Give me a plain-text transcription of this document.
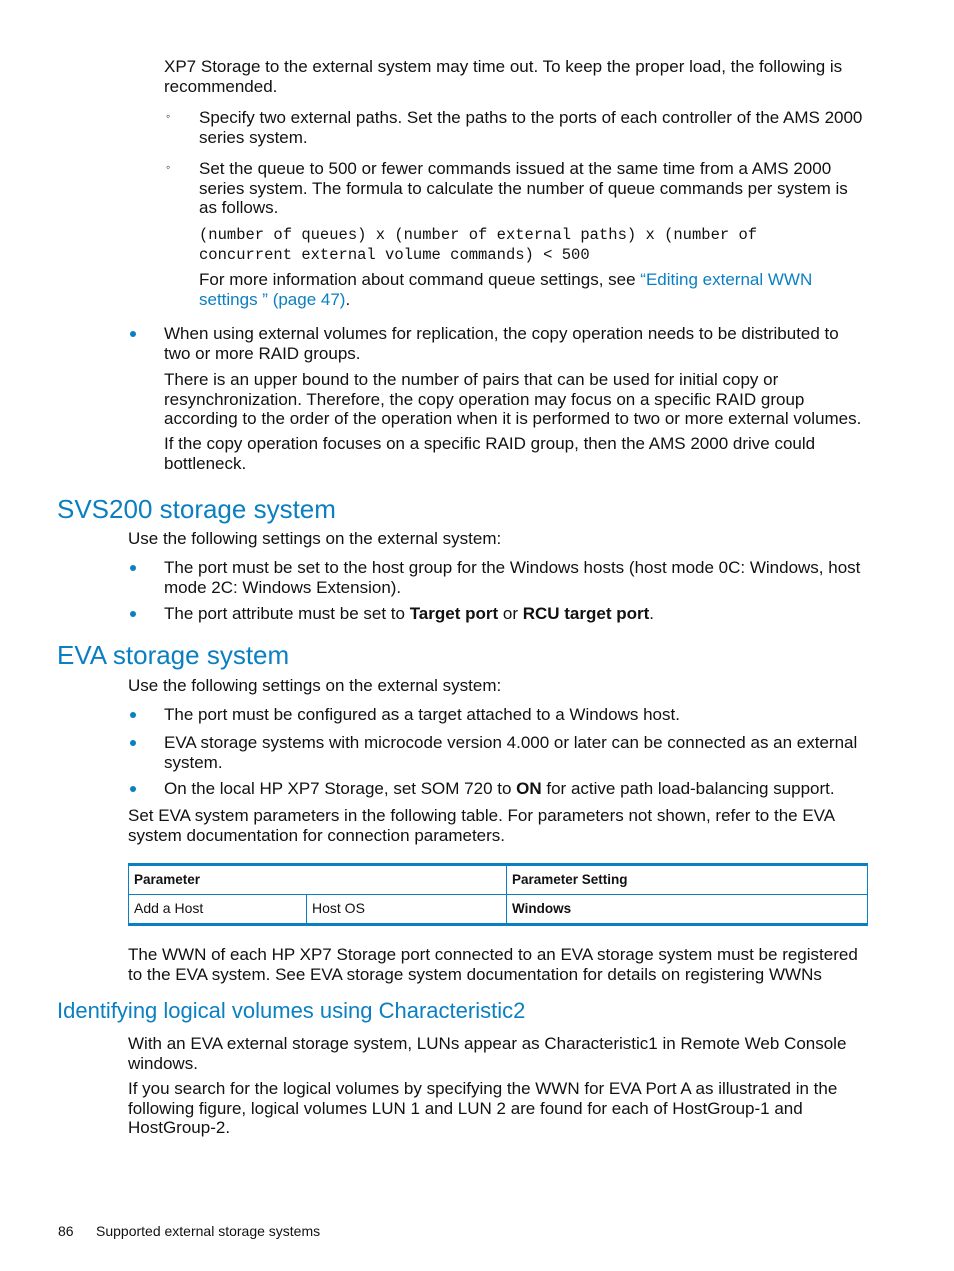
XP7 Storage to the external system may time out. To keep the proper load, the following is recommended.

◦ Specify two external paths. Set the paths to the ports of each controller of the AMS 2000 series system.

◦ Set the queue to 500 or fewer commands issued at the same time from a AMS 2000 series system. The formula to calculate the number of queue commands per system is as follows.

(number of queues) x (number of external paths) x (number of
concurrent external volume commands) < 500

For more information about command queue settings, see “Editing external WWN settings ” (page 47).

When using external volumes for replication, the copy operation needs to be distributed to two or more RAID groups.

There is an upper bound to the number of pairs that can be used for initial copy or resynchronization. Therefore, the copy operation may focus on a specific RAID group according to the order of the operation when it is performed to two or more external volumes.

If the copy operation focuses on a specific RAID group, then the AMS 2000 drive could bottleneck.

SVS200 storage system

Use the following settings on the external system:

The port must be set to the host group for the Windows hosts (host mode 0C: Windows, host mode 2C: Windows Extension).

The port attribute must be set to Target port or RCU target port.

EVA storage system

Use the following settings on the external system:

The port must be configured as a target attached to a Windows host.

EVA storage systems with microcode version 4.000 or later can be connected as an external system.

On the local HP XP7 Storage, set SOM 720 to ON for active path load-balancing support.

Set EVA system parameters in the following table. For parameters not shown, refer to the EVA system documentation for connection parameters.

Parameter		Parameter Setting
Add a Host	Host OS	Windows

The WWN of each HP XP7 Storage port connected to an EVA storage system must be registered to the EVA system. See EVA storage system documentation for details on registering WWNs

Identifying logical volumes using Characteristic2

With an EVA external storage system, LUNs appear as Characteristic1 in Remote Web Console windows.

If you search for the logical volumes by specifying the WWN for EVA Port A as illustrated in the following figure, logical volumes LUN 1 and LUN 2 are found for each of HostGroup-1 and HostGroup-2.

86 Supported external storage systems
